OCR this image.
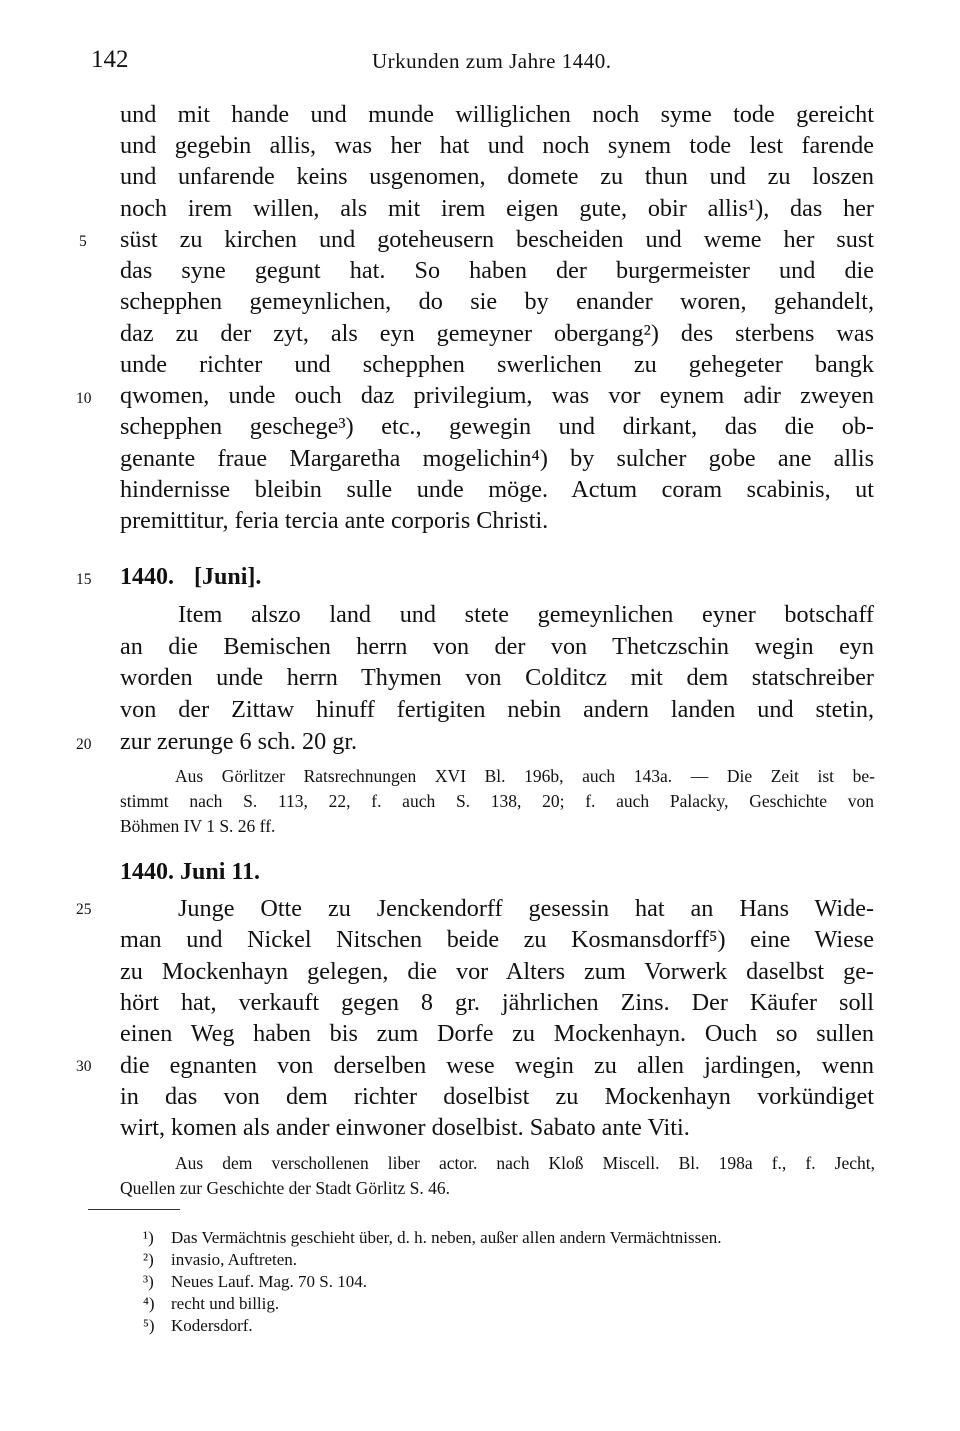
142	Urkunden zum Jahre 1440.
5
10
15
20
25
30
und mit hande und munde williglichen noch syme tode gereicht
und gegebin allis, was her hat und noch synem tode lest farende
und unfarende keins usgenomen, domete zu thun und zu loszen
noch irem willen, als mit irem eigen gute, obir allis¹), das her
süst zu kirchen und goteheusern bescheiden und weme her sust
das syne gegunt hat. So haben der burgermeister und die
schepphen gemeynlichen, do sie by enander woren, gehandelt,
daz zu der zyt, als eyn gemeyner obergang²) des sterbens was
unde richter und schepphen swerlichen zu gehegeter bangk
qwomen, unde ouch daz privilegium, was vor eynem adir zweyen
schepphen geschege³) etc., gewegin und dirkant, das die ob-
genante fraue Margaretha mogelichin⁴) by sulcher gobe ane allis
hindernisse bleibin sulle unde möge. Actum coram scabinis, ut
premittitur, feria tercia ante corporis Christi.
1440. [Juni].
Item alszo land und stete gemeynlichen eyner botschaff
an die Bemischen herrn von der von Thetczschin wegin eyn
worden unde herrn Thymen von Colditcz mit dem statschreiber
von der Zittaw hinuff fertigiten nebin andern landen und stetin,
zur zerunge 6 sch. 20 gr.
Aus Görlitzer Ratsrechnungen XVI Bl. 196b, auch 143a. — Die Zeit ist be-
stimmt nach S. 113, 22, f. auch S. 138, 20; f. auch Palacky, Geschichte von
Böhmen IV 1 S. 26 ff.
1440. Juni 11.
Junge Otte zu Jenckendorff gesessin hat an Hans Wide-
man und Nickel Nitschen beide zu Kosmansdorff⁵) eine Wiese
zu Mockenhayn gelegen, die vor Alters zum Vorwerk daselbst ge-
hört hat, verkauft gegen 8 gr. jährlichen Zins. Der Käufer soll
einen Weg haben bis zum Dorfe zu Mockenhayn. Ouch so sullen
die egnanten von derselben wese wegin zu allen jardingen, wenn
in das von dem richter doselbist zu Mockenhayn vorkündiget
wirt, komen als ander einwoner doselbist. Sabato ante Viti.
Aus dem verschollenen liber actor. nach Kloß Miscell. Bl. 198a f., f. Jecht,
Quellen zur Geschichte der Stadt Görlitz S. 46.
¹) Das Vermächtnis geschieht über, d. h. neben, außer allen andern Vermächtnissen.
²) invasio, Auftreten.
³) Neues Lauf. Mag. 70 S. 104.
⁴) recht und billig.
⁵) Kodersdorf.
